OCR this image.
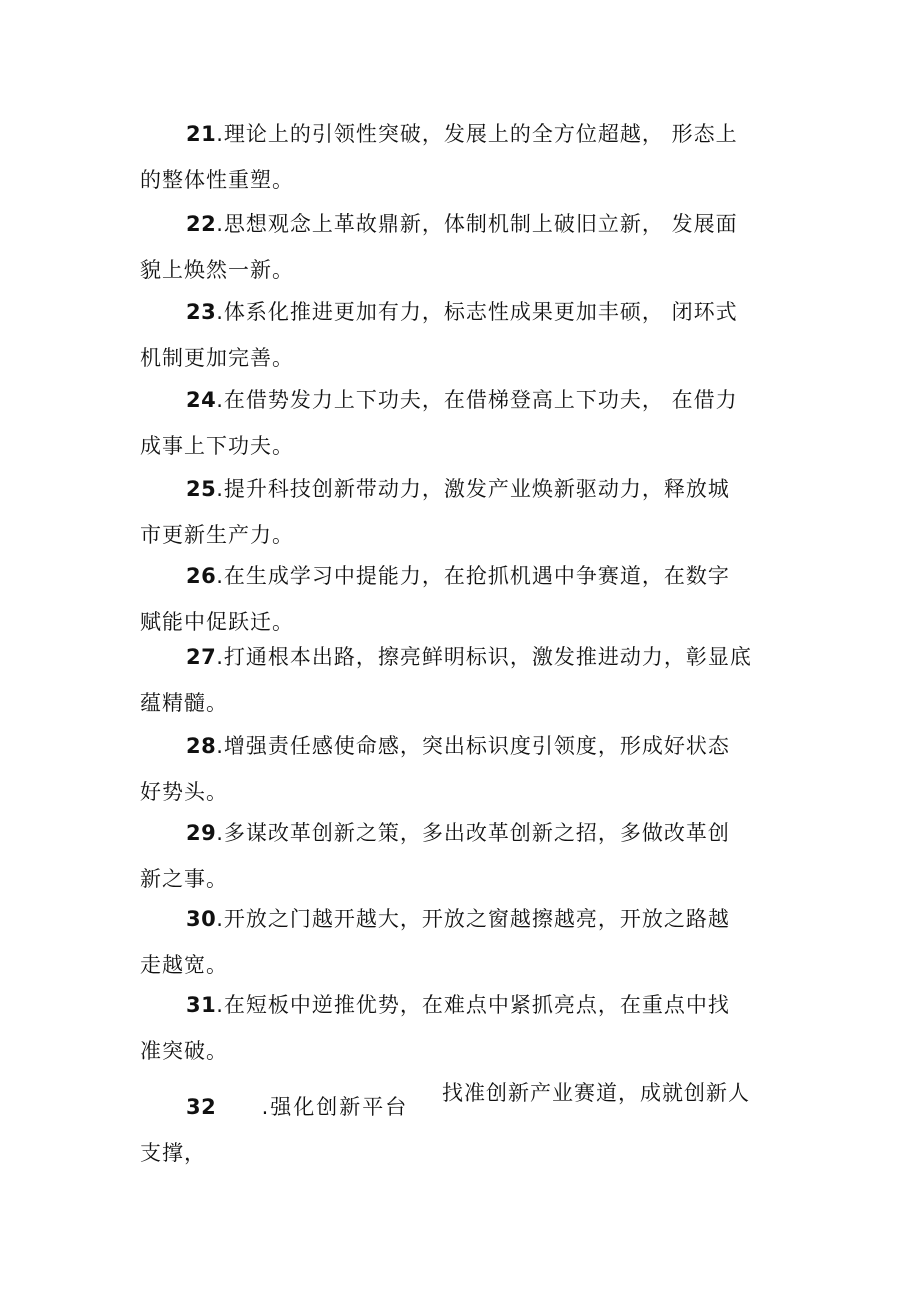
21.理论上的引领性突破，发展上的全方位超越， 形态上
的整体性重塑。
22.思想观念上革故鼎新，体制机制上破旧立新， 发展面
貌上焕然一新。
23.体系化推进更加有力，标志性成果更加丰硕， 闭环式
机制更加完善。
24.在借势发力上下功夫，在借梯登高上下功夫， 在借力
成事上下功夫。
25.提升科技创新带动力，激发产业焕新驱动力，释放城
市更新生产力。
26.在生成学习中提能力，在抢抓机遇中争赛道，在数字
赋能中促跃迁。
27.打通根本出路，擦亮鲜明标识，激发推进动力，彰显底
蕴精髓。
28.增强责任感使命感，突出标识度引领度，形成好状态
好势头。
29.多谋改革创新之策，多出改革创新之招，多做改革创
新之事。
30.开放之门越开越大，开放之窗越擦越亮，开放之路越
走越宽。
31.在短板中逆推优势，在难点中紧抓亮点，在重点中找
准突破。
32 .强化创新平台
找准创新产业赛道，成就创新人
支撑，
